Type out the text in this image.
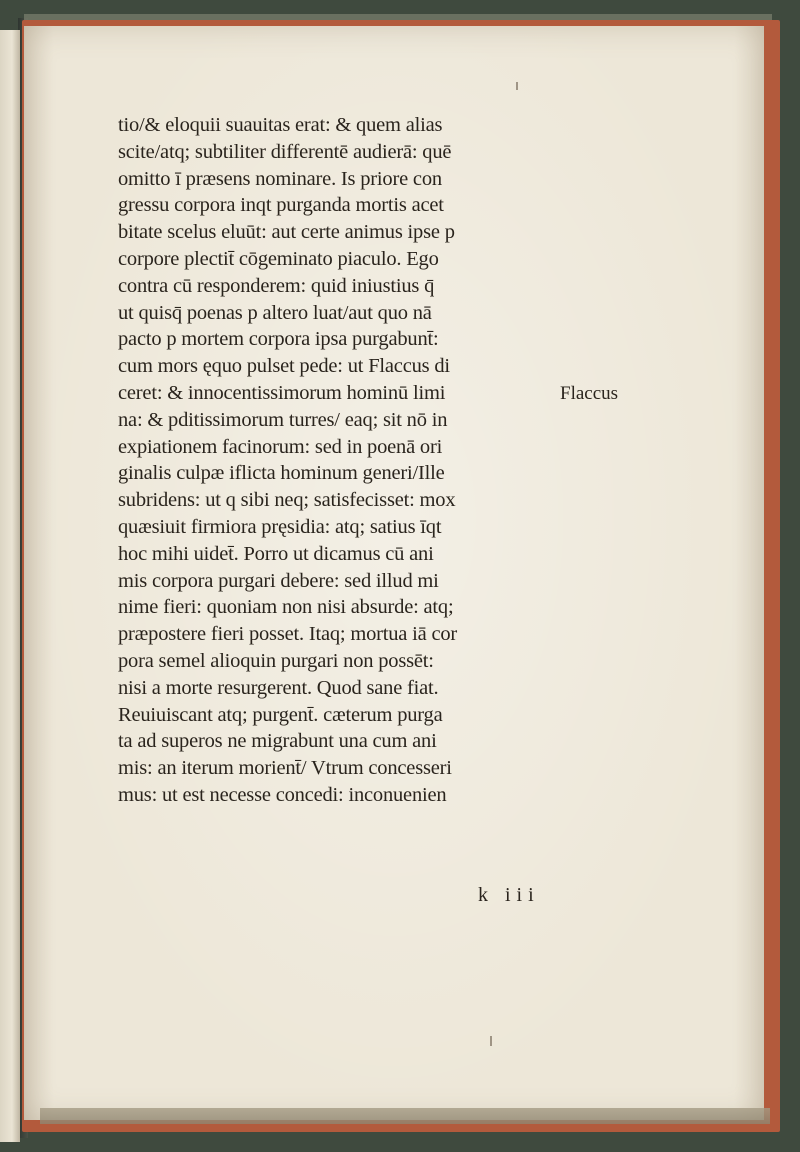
tio/& eloquii suauitas erat: & quem alias
scite/atq; subtiliter differentē audierā: quē
omitto ī præsens nominare. Is priore con
gressu corpora inqt purganda mortis acet
bitate scelus eluūt: aut certe animus ipse p
corpore plectit̄ cōgeminato piaculo. Ego
contra cū responderem: quid iniustius q̄
ut quisq̄ poenas p altero luat/aut quo nā
pacto p mortem corpora ipsa purgabunt̄:
cum mors ęquo pulset pede: ut Flaccus di
ceret: & innocentissimorum hominū limi
na: & pditissimorum turres/ eaq; sit nō in
expiationem facinorum: sed in poenā ori
ginalis culpæ iflicta hominum generi/Ille
subridens: ut q sibi neq; satisfecisset: mox
quæsiuit firmiora pręsidia: atq; satius īqt
hoc mihi uidet̄. Porro ut dicamus cū ani
mis corpora purgari debere: sed illud mi
nime fieri: quoniam non nisi absurde: atq;
præpostere fieri posset. Itaq; mortua iā cor
pora semel alioquin purgari non possēt:
nisi a morte resurgerent. Quod sane fiat.
Reuiuiscant atq; purgent̄. cæterum purga
ta ad superos ne migrabunt una cum ani
mis: an iterum morient̄/ Vtrum concesseri
mus: ut est necesse concedi: inconuenien
Flaccus
k iii
